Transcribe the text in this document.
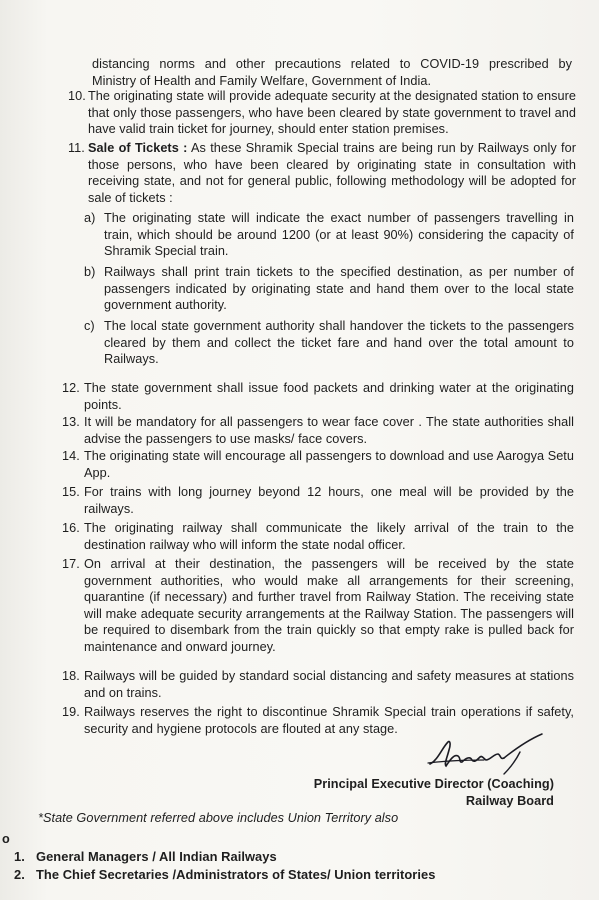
distancing norms and other precautions related to COVID-19 prescribed by
Ministry of Health and Family Welfare, Government of India.
10. The originating state will provide adequate security at the designated station to ensure that only those passengers, who have been cleared by state government to travel and have valid train ticket for journey, should enter station premises.
11. Sale of Tickets : As these Shramik Special trains are being run by Railways only for those persons, who have been cleared by originating state in consultation with receiving state, and not for general public, following methodology will be adopted for sale of tickets :
a) The originating state will indicate the exact number of passengers travelling in train, which should be around 1200 (or at least 90%) considering the capacity of Shramik Special train.
b) Railways shall print train tickets to the specified destination, as per number of passengers indicated by originating state and hand them over to the local state government authority.
c) The local state government authority shall handover the tickets to the passengers cleared by them and collect the ticket fare and hand over the total amount to Railways.
12. The state government shall issue food packets and drinking water at the originating points.
13. It will be mandatory for all passengers to wear face cover . The state authorities shall advise the passengers to use masks/ face covers.
14. The originating state will encourage all passengers to download and use Aarogya Setu App.
15. For trains with long journey beyond 12 hours, one meal will be provided by the railways.
16. The originating railway shall communicate the likely arrival of the train to the destination railway who will inform the state nodal officer.
17. On arrival at their destination, the passengers will be received by the state government authorities, who would make all arrangements for their screening, quarantine (if necessary) and further travel from Railway Station. The receiving state will make adequate security arrangements at the Railway Station. The passengers will be required to disembark from the train quickly so that empty rake is pulled back for maintenance and onward journey.
18. Railways will be guided by standard social distancing and safety measures at stations and on trains.
19. Railways reserves the right to discontinue Shramik Special train operations if safety, security and hygiene protocols are flouted at any stage.
Principal Executive Director (Coaching)
Railway Board
*State Government referred above includes Union Territory also
o
1. General Managers / All Indian Railways
2. The Chief Secretaries /Administrators of States/ Union territories
